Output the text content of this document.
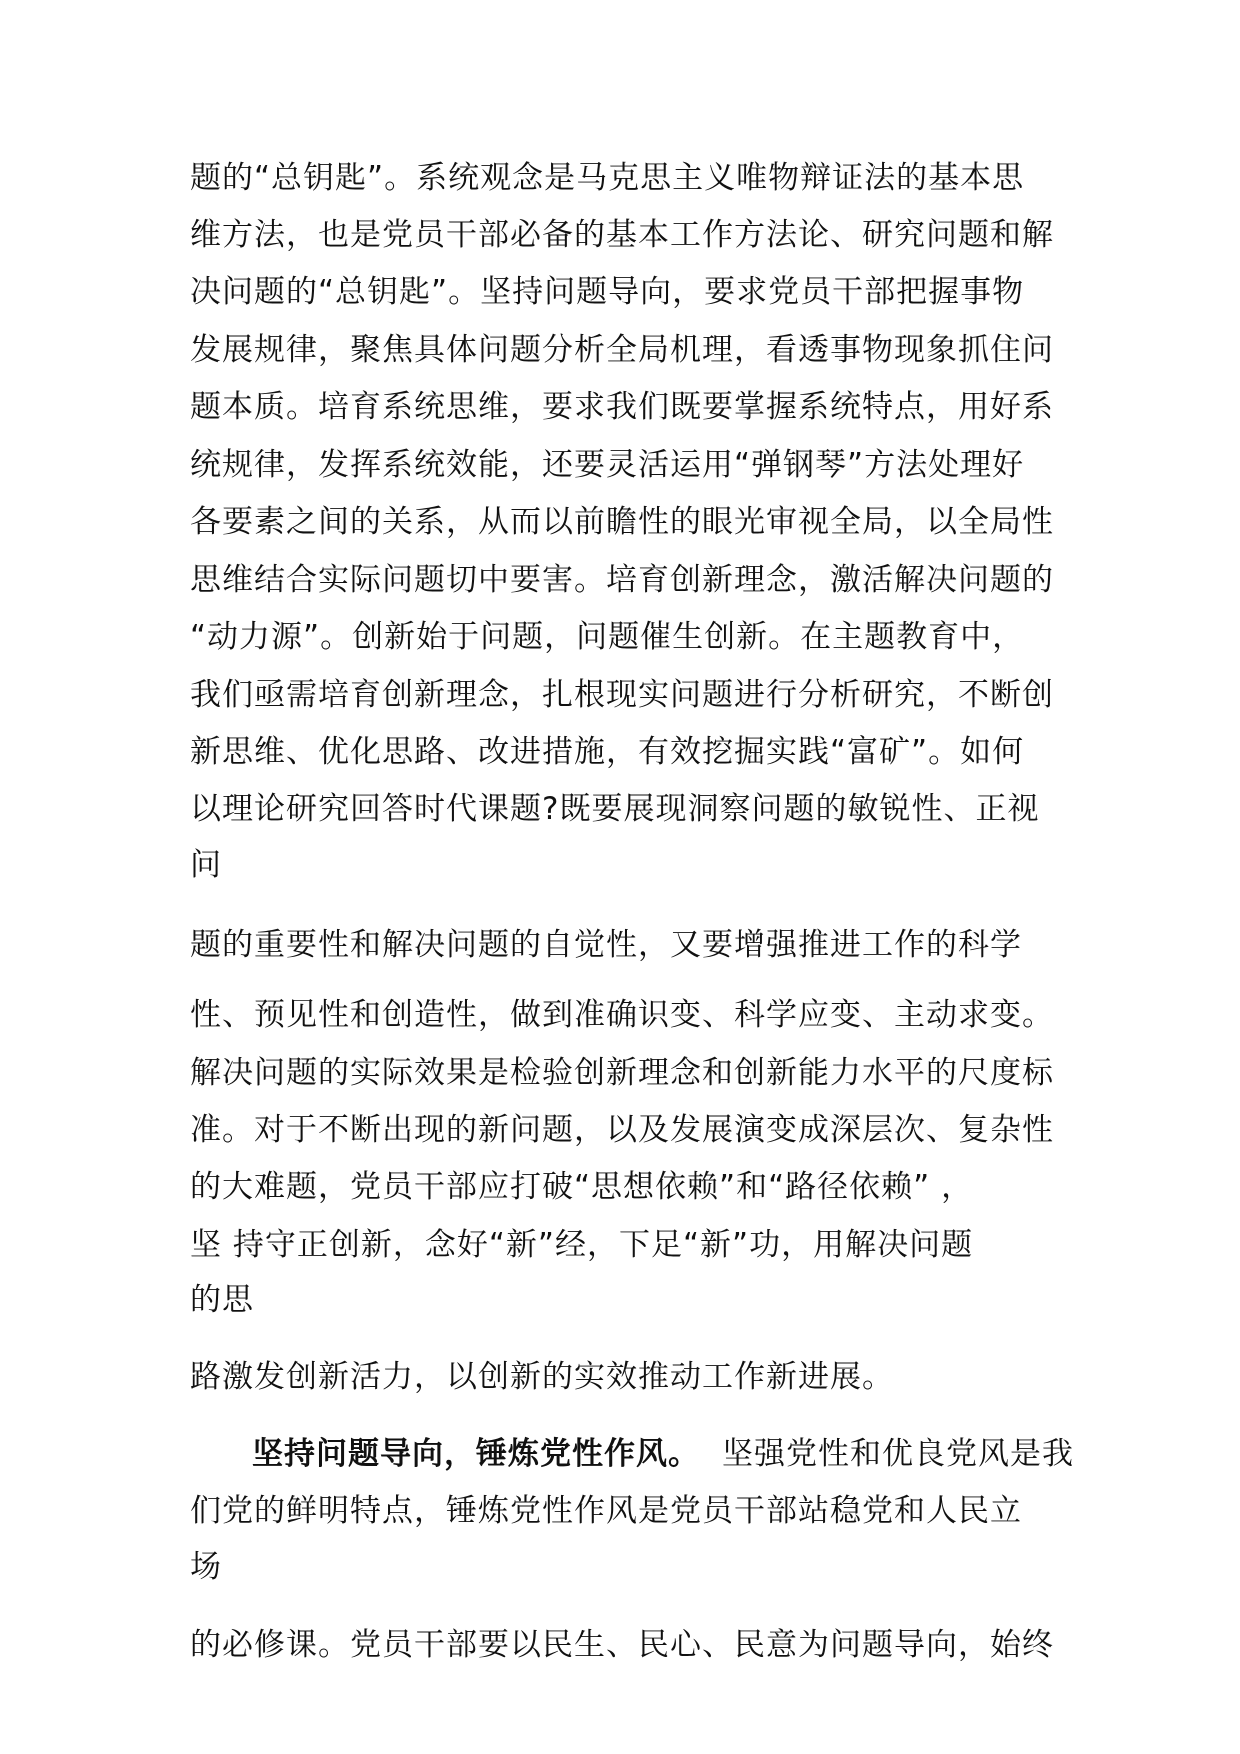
题的“总钥匙”。系统观念是马克思主义唯物辩证法的基本思
维方法，也是党员干部必备的基本工作方法论、研究问题和解
决问题的“总钥匙”。坚持问题导向，要求党员干部把握事物
发展规律，聚焦具体问题分析全局机理，看透事物现象抓住问
题本质。培育系统思维，要求我们既要掌握系统特点，用好系
统规律，发挥系统效能，还要灵活运用“弹钢琴”方法处理好
各要素之间的关系，从而以前瞻性的眼光审视全局，以全局性
思维结合实际问题切中要害。培育创新理念，激活解决问题的
“动力源”。创新始于问题，问题催生创新。在主题教育中，
我们亟需培育创新理念，扎根现实问题进行分析研究，不断创
新思维、优化思路、改进措施，有效挖掘实践“富矿”。如何
以理论研究回答时代课题?既要展现洞察问题的敏锐性、正视
问
题的重要性和解决问题的自觉性，又要增强推进工作的科学
性、预见性和创造性，做到准确识变、科学应变、主动求变。
解决问题的实际效果是检验创新理念和创新能力水平的尺度标
准。对于不断出现的新问题，以及发展演变成深层次、复杂性
的大难题，党员干部应打破“思想依赖”和“路径依赖” ，
坚 持守正创新，念好“新”经，下足“新”功，用解决问题
的思
路激发创新活力，以创新的实效推动工作新进展。
坚持问题导向，锤炼党性作风。 坚强党性和优良党风是我
们党的鲜明特点，锤炼党性作风是党员干部站稳党和人民立
场
的必修课。党员干部要以民生、民心、民意为问题导向，始终
